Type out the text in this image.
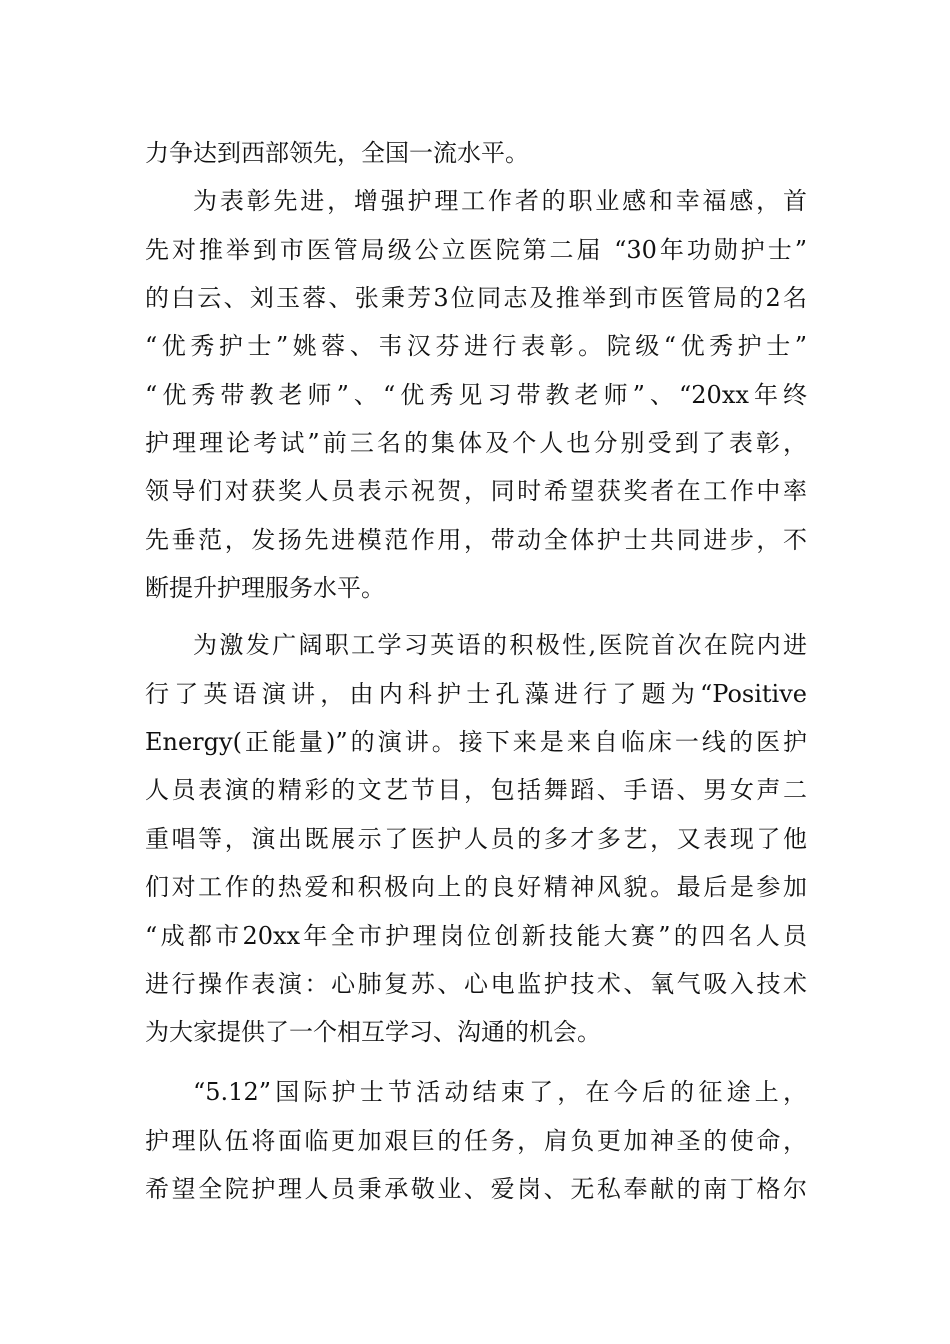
力争达到西部领先，全国一流水平。
为表彰先进，增强护理工作者的职业感和幸福感，首
先对推举到市医管局级公立医院第二届 “30年功勋护士”
的白云、刘玉蓉、张秉芳3位同志及推举到市医管局的2名
“优秀护士”姚蓉、韦汉芬进行表彰。院级“优秀护士”
“优秀带教老师”、“优秀见习带教老师”、“20xx年终
护理理论考试”前三名的集体及个人也分别受到了表彰，
领导们对获奖人员表示祝贺，同时希望获奖者在工作中率
先垂范，发扬先进模范作用，带动全体护士共同进步，不
断提升护理服务水平。
为激发广阔职工学习英语的积极性,医院首次在院内进
行了英语演讲，由内科护士孔藻进行了题为“Positive
Energy(正能量)”的演讲。接下来是来自临床一线的医护
人员表演的精彩的文艺节目，包括舞蹈、手语、男女声二
重唱等，演出既展示了医护人员的多才多艺，又表现了他
们对工作的热爱和积极向上的良好精神风貌。最后是参加
“成都市20xx年全市护理岗位创新技能大赛”的四名人员
进行操作表演：心肺复苏、心电监护技术、氧气吸入技术
为大家提供了一个相互学习、沟通的机会。
“5.12”国际护士节活动结束了，在今后的征途上，
护理队伍将面临更加艰巨的任务，肩负更加神圣的使命，
希望全院护理人员秉承敬业、爱岗、无私奉献的南丁格尔
